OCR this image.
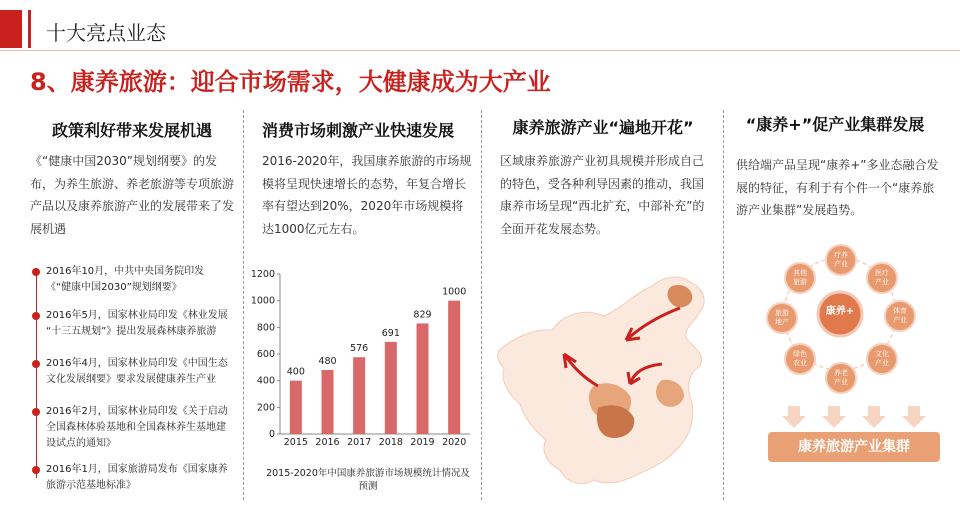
十大亮点业态
8、康养旅游：迎合市场需求，大健康成为大产业
政策利好带来发展机遇	消费市场刺激产业快速发展	康养旅游产业“遍地开花”	“康养+”促产业集群发展
《“健康中国2030”规划纲要》的发布，为养生旅游、养老旅游等专项旅游产品以及康养旅游产业的发展带来了发展机遇
2016-2020年，我国康养旅游的市场规模将呈现快速增长的态势，年复合增长率有望达到20%，2020年市场规模将达1000亿元左右。
区域康养旅游产业初具规模并形成自己的特色，受各种利导因素的推动，我国康养市场呈现“西北扩充，中部补充”的全面开花发展态势。
供给端产品呈现“康养+”多业态融合发展的特征，有利于有个件一个“康养旅游产业集群”发展趋势。
2016年10月，中共中央国务院印发
《“健康中国2030”规划纲要》
2016年5月，国家林业局印发《林业发展
“十三五规划”》提出发展森林康养旅游
2016年4月，国家林业局印发《中国生态
文化发展纲要》要求发展健康养生产业
2016年2月，国家林业局印发《关于启动
全国森林体验基地和全国森林养生基地建
设试点的通知》
2016年1月，国家旅游局发布《国家康养
旅游示范基地标准》
0
200
400
600
800
1000
1200
400
2015
480
2016
576
2017
691
2018
829
2019
1000
2020
2015-2020年中国康养旅游市场规模统计情况及
预测
康养+
疗养
产业
医疗
产业
体育
产业
文化
产业
养老
产业
绿色
农业
旅游
地产
其他
旅游
康养旅游产业集群
